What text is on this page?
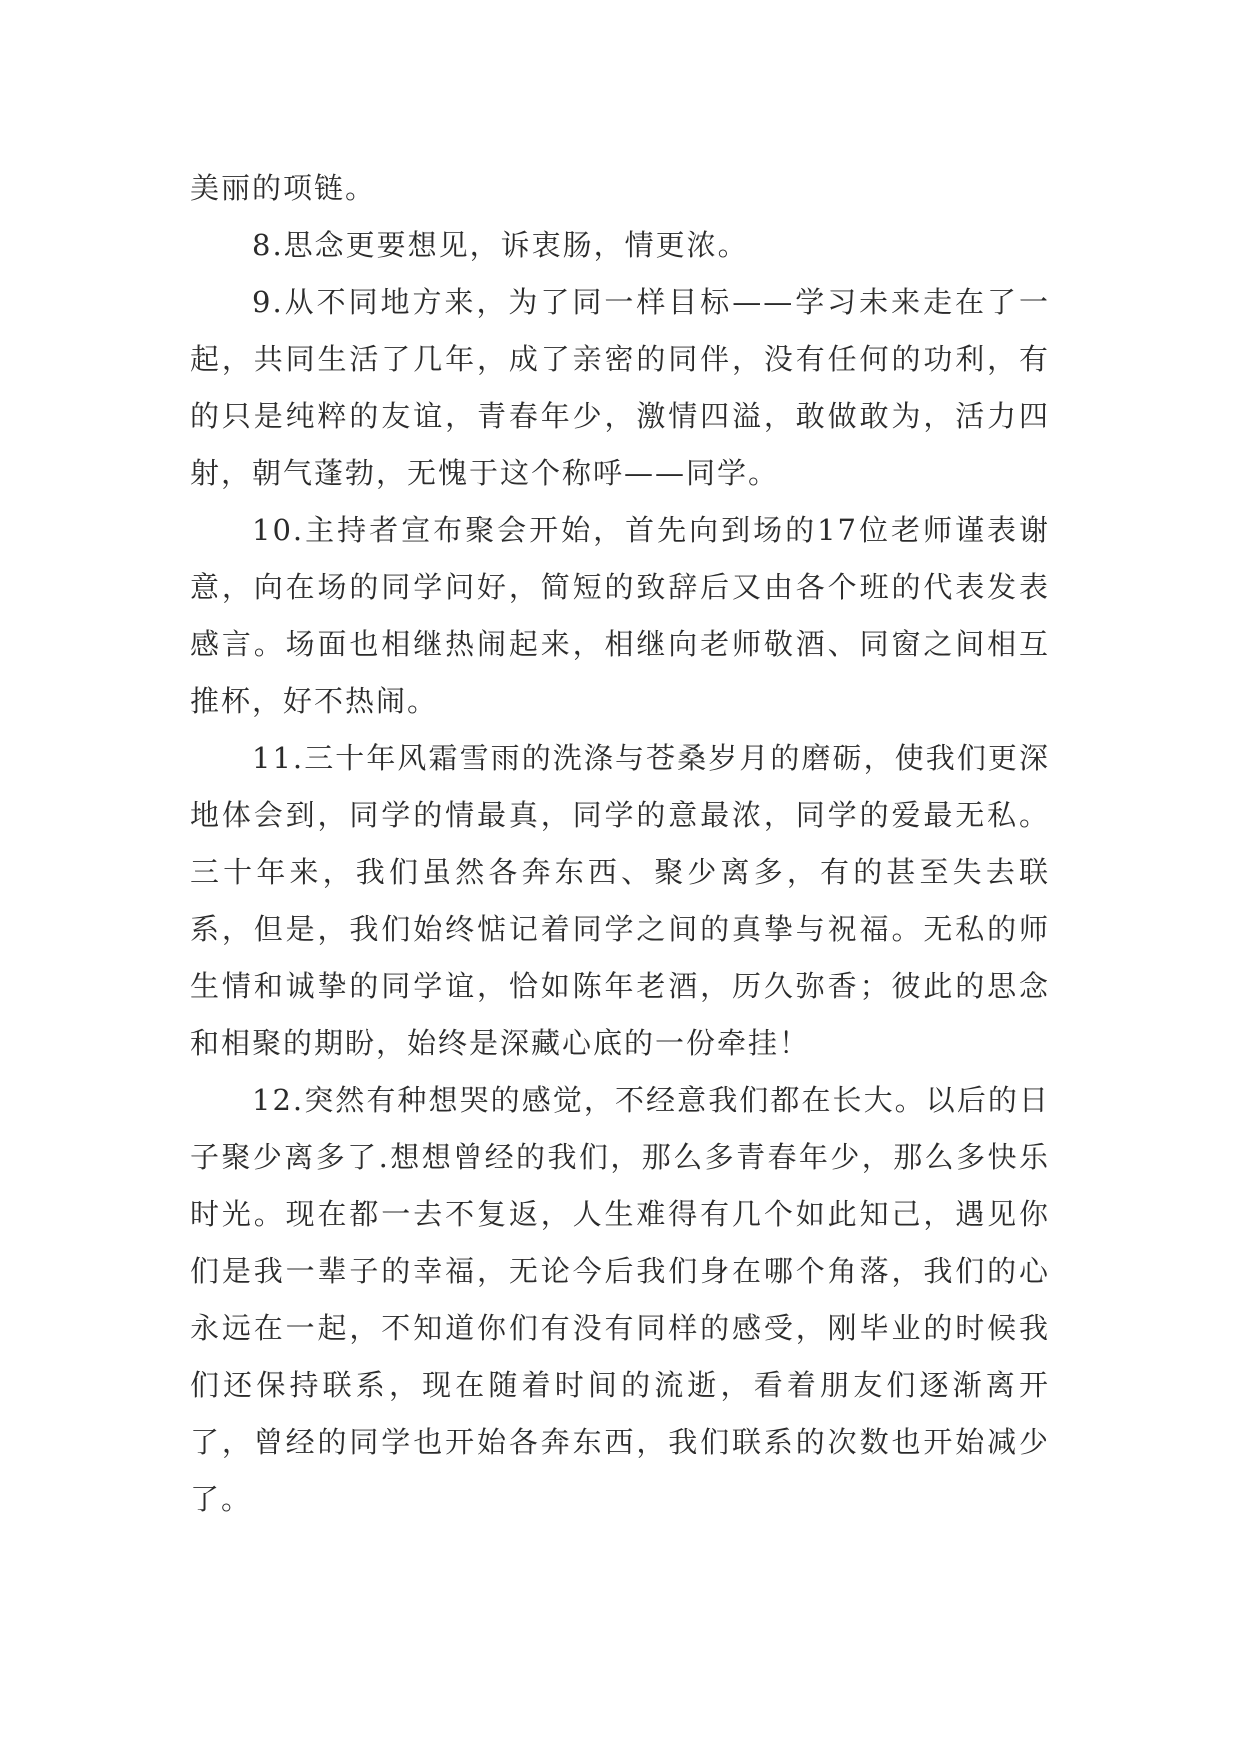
美丽的项链。

8.思念更要想见，诉衷肠，情更浓。

9.从不同地方来，为了同一样目标——学习未来走在了一起，共同生活了几年，成了亲密的同伴，没有任何的功利，有的只是纯粹的友谊，青春年少，激情四溢，敢做敢为，活力四射，朝气蓬勃，无愧于这个称呼——同学。

10.主持者宣布聚会开始，首先向到场的17位老师谨表谢意，向在场的同学问好，简短的致辞后又由各个班的代表发表感言。场面也相继热闹起来，相继向老师敬酒、同窗之间相互推杯，好不热闹。

11.三十年风霜雪雨的洗涤与苍桑岁月的磨砺，使我们更深地体会到，同学的情最真，同学的意最浓，同学的爱最无私。三十年来，我们虽然各奔东西、聚少离多，有的甚至失去联系，但是，我们始终惦记着同学之间的真挚与祝福。无私的师生情和诚挚的同学谊，恰如陈年老酒，历久弥香；彼此的思念和相聚的期盼，始终是深藏心底的一份牵挂！

12.突然有种想哭的感觉，不经意我们都在长大。以后的日子聚少离多了.想想曾经的我们，那么多青春年少，那么多快乐时光。现在都一去不复返，人生难得有几个如此知己，遇见你们是我一辈子的幸福，无论今后我们身在哪个角落，我们的心永远在一起，不知道你们有没有同样的感受，刚毕业的时候我们还保持联系，现在随着时间的流逝，看着朋友们逐渐离开了，曾经的同学也开始各奔东西，我们联系的次数也开始减少了。
